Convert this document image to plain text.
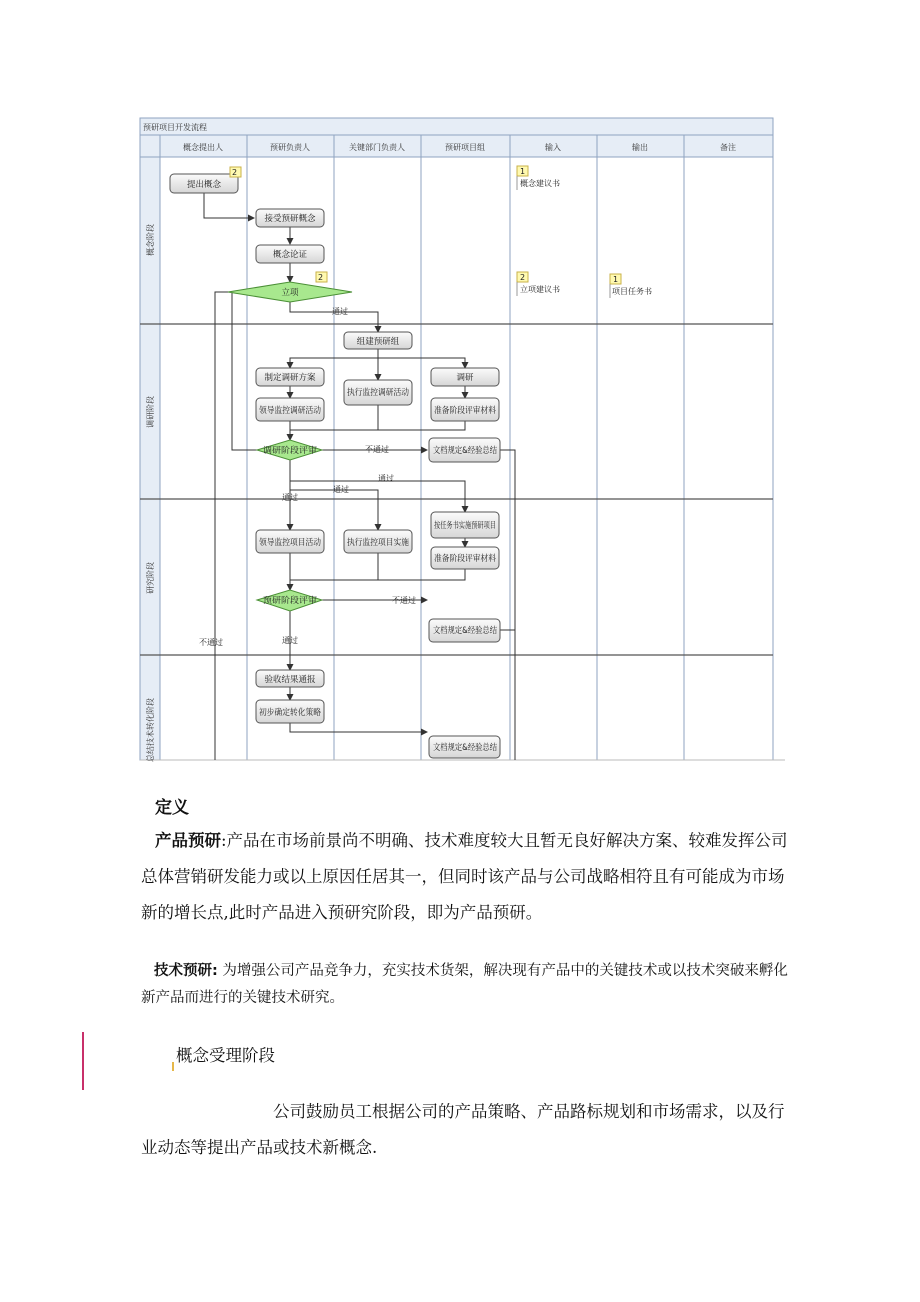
预研项目开发流程
概念提出人	预研负责人	关键部门负责人	预研项目组	输入	输出	备注
概念阶段
调研阶段
研究阶段
总结技术转化阶段
提出概念
接受预研概念
概念论证
立项
组建预研组
制定调研方案	调研
执行监控调研活动
领导监控调研活动	准备阶段评审材料
调研阶段评审	文档规定&经验总结
按任务书实施预研项目
领导监控项目活动 执行监控项目实施
准备阶段评审材料
预研阶段评审
文档规定&经验总结
验收结果通报
初步确定转化策略
文档规定&经验总结
通过
不通过
通过
通过
通过
不通过
通过
不通过
2
2
1
概念建议书
2
立项建议书
1
项目任务书
定义
产品预研:产品在市场前景尚不明确、技术难度较大且暂无良好解决方案、较难发挥公司总体营销研发能力或以上原因任居其一，但同时该产品与公司战略相符且有可能成为市场新的增长点,此时产品进入预研究阶段，即为产品预研。
技术预研: 为增强公司产品竞争力，充实技术货架，解决现有产品中的关键技术或以技术突破来孵化新产品而进行的关键技术研究。
概念受理阶段
公司鼓励员工根据公司的产品策略、产品路标规划和市场需求，以及行业动态等提出产品或技术新概念.
